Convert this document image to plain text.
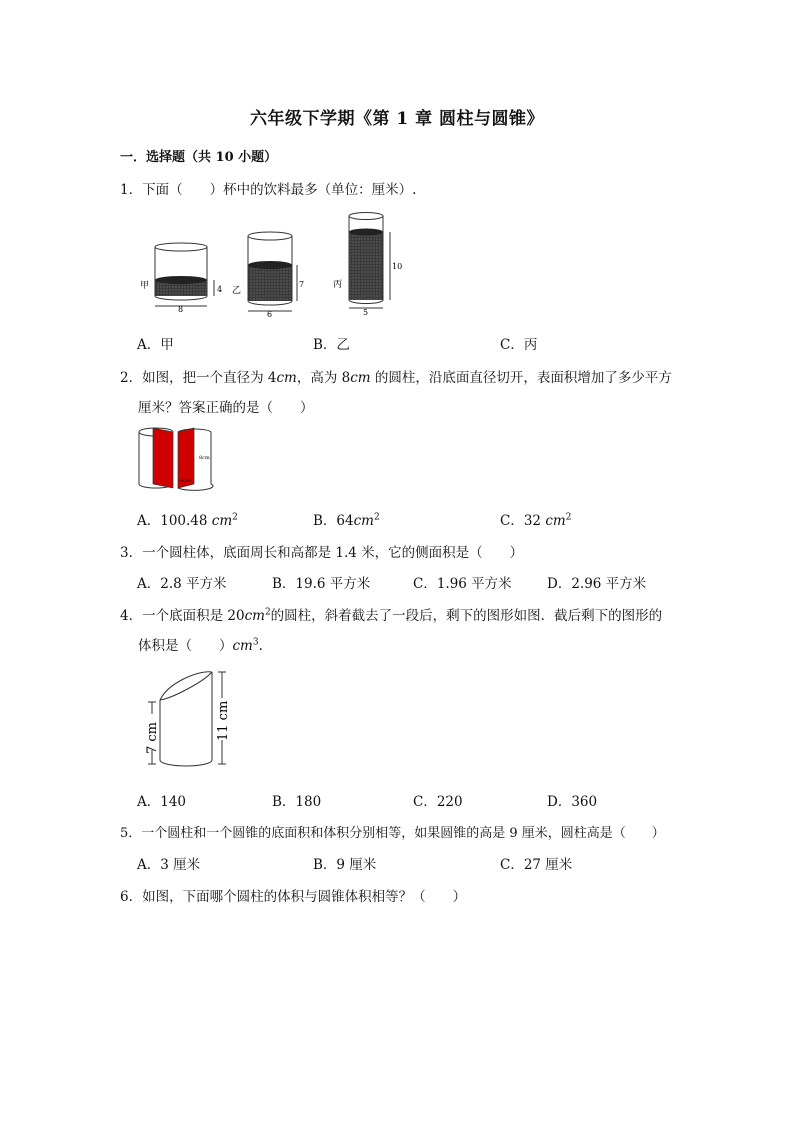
六年级下学期《第 1 章 圆柱与圆锥》
一．选择题（共 10 小题）
1．下面（　　）杯中的饮料最多（单位：厘米）.
甲
8
4 乙
6
7	丙
5
10
A．甲	B．乙	C．丙
2．如图，把一个直径为 4cm，高为 8cm 的圆柱，沿底面直径切开，表面积增加了多少平方
厘米？答案正确的是（　　）
8cm
4cm
A．100.48 $cm^2$	B．$64cm^2$	C．32 $cm^2$
3．一个圆柱体，底面周长和高都是 1.4 米，它的侧面积是（　　）
A．2.8 平方米	B．19.6 平方米	C．1.96 平方米	D．2.96 平方米
4．一个底面积是 $20cm^2$的圆柱，斜着截去了一段后，剩下的图形如图．截后剩下的图形的
体积是（　　）$cm^3$.
7 cm	11 cm
A．140	B．180	C．220	D．360
5．一个圆柱和一个圆锥的底面积和体积分别相等，如果圆锥的高是 9 厘米，圆柱高是（　　）
A．3 厘米	B．9 厘米	C．27 厘米
6．如图，下面哪个圆柱的体积与圆锥体积相等？（　　）
